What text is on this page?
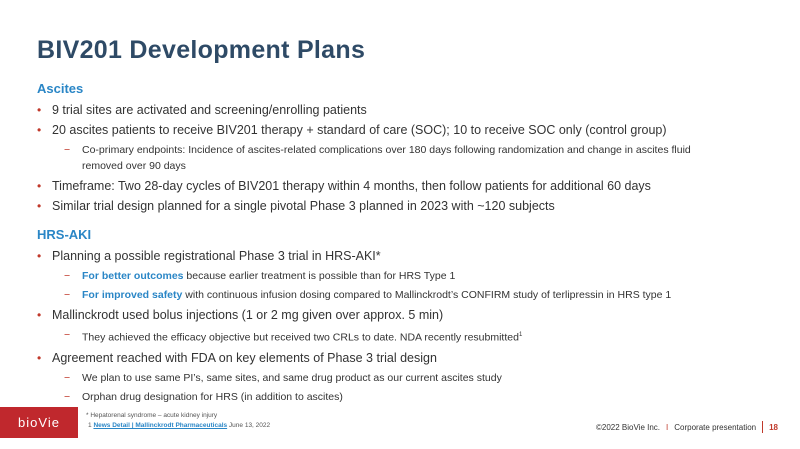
BIV201 Development Plans
Ascites
• 9 trial sites are activated and screening/enrolling patients
• 20 ascites patients to receive BIV201 therapy + standard of care (SOC); 10 to receive SOC only (control group)
− Co-primary endpoints: Incidence of ascites-related complications over 180 days following randomization and change in ascites fluid
removed over 90 days
• Timeframe: Two 28-day cycles of BIV201 therapy within 4 months, then follow patients for additional 60 days
• Similar trial design planned for a single pivotal Phase 3 planned in 2023 with ~120 subjects
HRS-AKI
• Planning a possible registrational Phase 3 trial in HRS-AKI*
− For better outcomes because earlier treatment is possible than for HRS Type 1
− For improved safety with continuous infusion dosing compared to Mallinckrodt’s CONFIRM study of terlipressin in HRS type 1
• Mallinckrodt used bolus injections (1 or 2 mg given over approx. 5 min)
− They achieved the efficacy objective but received two CRLs to date. NDA recently resubmitted$^1$
• Agreement reached with FDA on key elements of Phase 3 trial design
− We plan to use same PI’s, same sites, and same drug product as our current ascites study
− Orphan drug designation for HRS (in addition to ascites)
bioVie	* Hepatorenal syndrome – acute kidney injury
1 News Detail | Mallinckrodt Pharmaceuticals June 13, 2022	©2022 BioVie Inc. I Corporate presentation 18
